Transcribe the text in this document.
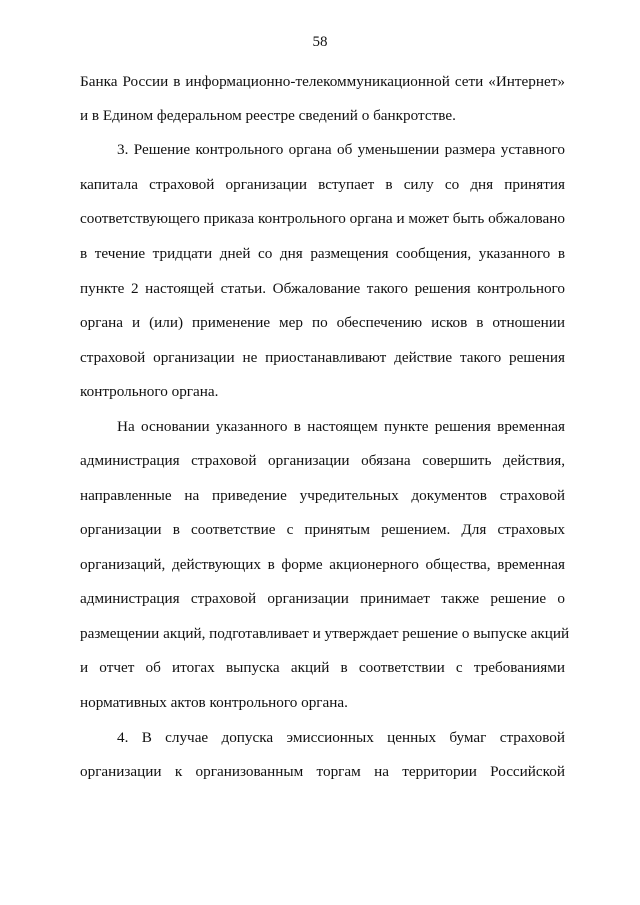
58
Банка России в информационно-телекоммуникационной сети «Интернет»
и в Едином федеральном реестре сведений о банкротстве.
3. Решение контрольного органа об уменьшении размера уставного
капитала страховой организации вступает в силу со дня принятия
соответствующего приказа контрольного органа и может быть обжаловано
в течение тридцати дней со дня размещения сообщения, указанного в
пункте 2 настоящей статьи. Обжалование такого решения контрольного
органа и (или) применение мер по обеспечению исков в отношении
страховой организации не приостанавливают действие такого решения
контрольного органа.
На основании указанного в настоящем пункте решения временная
администрация страховой организации обязана совершить действия,
направленные на приведение учредительных документов страховой
организации в соответствие с принятым решением. Для страховых
организаций, действующих в форме акционерного общества, временная
администрация страховой организации принимает также решение о
размещении акций, подготавливает и утверждает решение о выпуске акций
и отчет об итогах выпуска акций в соответствии с требованиями
нормативных актов контрольного органа.
4. В случае допуска эмиссионных ценных бумаг страховой
организации к организованным торгам на территории Российской
